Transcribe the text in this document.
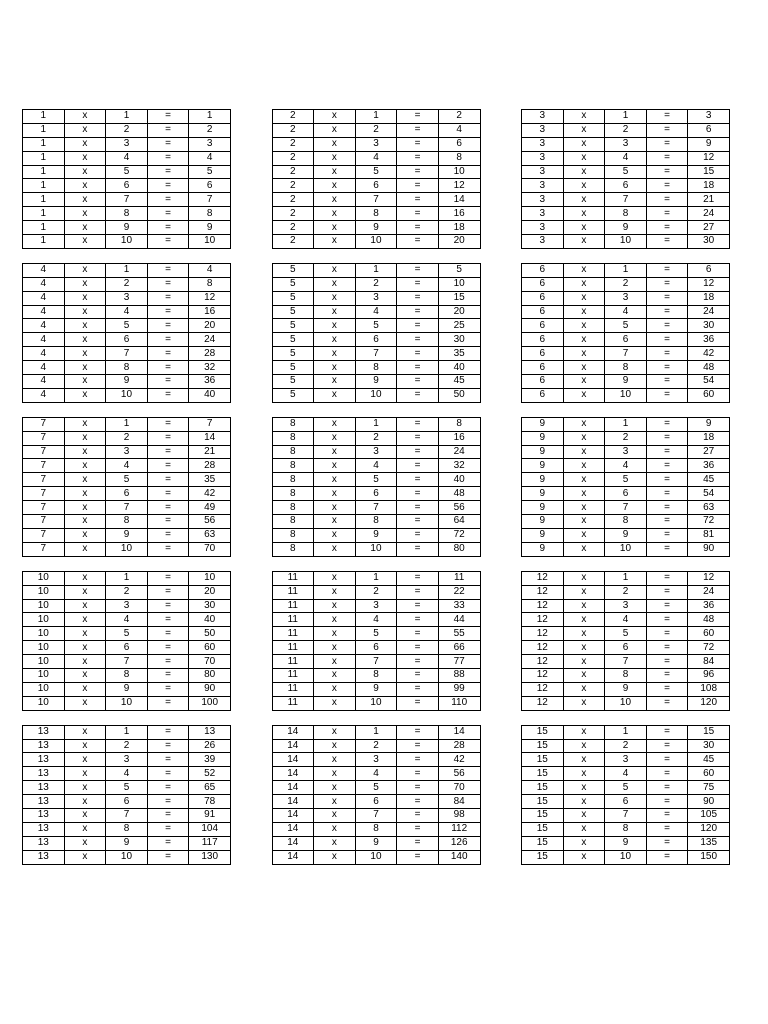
1	x	1	=	1
1	x	2	=	2
1	x	3	=	3
1	x	4	=	4
1	x	5	=	5
1	x	6	=	6
1	x	7	=	7
1	x	8	=	8
1	x	9	=	9
1	x	10	=	10
2	x	1	=	2
2	x	2	=	4
2	x	3	=	6
2	x	4	=	8
2	x	5	=	10
2	x	6	=	12
2	x	7	=	14
2	x	8	=	16
2	x	9	=	18
2	x	10	=	20
3	x	1	=	3
3	x	2	=	6
3	x	3	=	9
3	x	4	=	12
3	x	5	=	15
3	x	6	=	18
3	x	7	=	21
3	x	8	=	24
3	x	9	=	27
3	x	10	=	30
4	x	1	=	4
4	x	2	=	8
4	x	3	=	12
4	x	4	=	16
4	x	5	=	20
4	x	6	=	24
4	x	7	=	28
4	x	8	=	32
4	x	9	=	36
4	x	10	=	40
5	x	1	=	5
5	x	2	=	10
5	x	3	=	15
5	x	4	=	20
5	x	5	=	25
5	x	6	=	30
5	x	7	=	35
5	x	8	=	40
5	x	9	=	45
5	x	10	=	50
6	x	1	=	6
6	x	2	=	12
6	x	3	=	18
6	x	4	=	24
6	x	5	=	30
6	x	6	=	36
6	x	7	=	42
6	x	8	=	48
6	x	9	=	54
6	x	10	=	60
7	x	1	=	7
7	x	2	=	14
7	x	3	=	21
7	x	4	=	28
7	x	5	=	35
7	x	6	=	42
7	x	7	=	49
7	x	8	=	56
7	x	9	=	63
7	x	10	=	70
8	x	1	=	8
8	x	2	=	16
8	x	3	=	24
8	x	4	=	32
8	x	5	=	40
8	x	6	=	48
8	x	7	=	56
8	x	8	=	64
8	x	9	=	72
8	x	10	=	80
9	x	1	=	9
9	x	2	=	18
9	x	3	=	27
9	x	4	=	36
9	x	5	=	45
9	x	6	=	54
9	x	7	=	63
9	x	8	=	72
9	x	9	=	81
9	x	10	=	90
10	x	1	=	10
10	x	2	=	20
10	x	3	=	30
10	x	4	=	40
10	x	5	=	50
10	x	6	=	60
10	x	7	=	70
10	x	8	=	80
10	x	9	=	90
10	x	10	=	100
11	x	1	=	11
11	x	2	=	22
11	x	3	=	33
11	x	4	=	44
11	x	5	=	55
11	x	6	=	66
11	x	7	=	77
11	x	8	=	88
11	x	9	=	99
11	x	10	=	110
12	x	1	=	12
12	x	2	=	24
12	x	3	=	36
12	x	4	=	48
12	x	5	=	60
12	x	6	=	72
12	x	7	=	84
12	x	8	=	96
12	x	9	=	108
12	x	10	=	120
13	x	1	=	13
13	x	2	=	26
13	x	3	=	39
13	x	4	=	52
13	x	5	=	65
13	x	6	=	78
13	x	7	=	91
13	x	8	=	104
13	x	9	=	117
13	x	10	=	130
14	x	1	=	14
14	x	2	=	28
14	x	3	=	42
14	x	4	=	56
14	x	5	=	70
14	x	6	=	84
14	x	7	=	98
14	x	8	=	112
14	x	9	=	126
14	x	10	=	140
15	x	1	=	15
15	x	2	=	30
15	x	3	=	45
15	x	4	=	60
15	x	5	=	75
15	x	6	=	90
15	x	7	=	105
15	x	8	=	120
15	x	9	=	135
15	x	10	=	150
